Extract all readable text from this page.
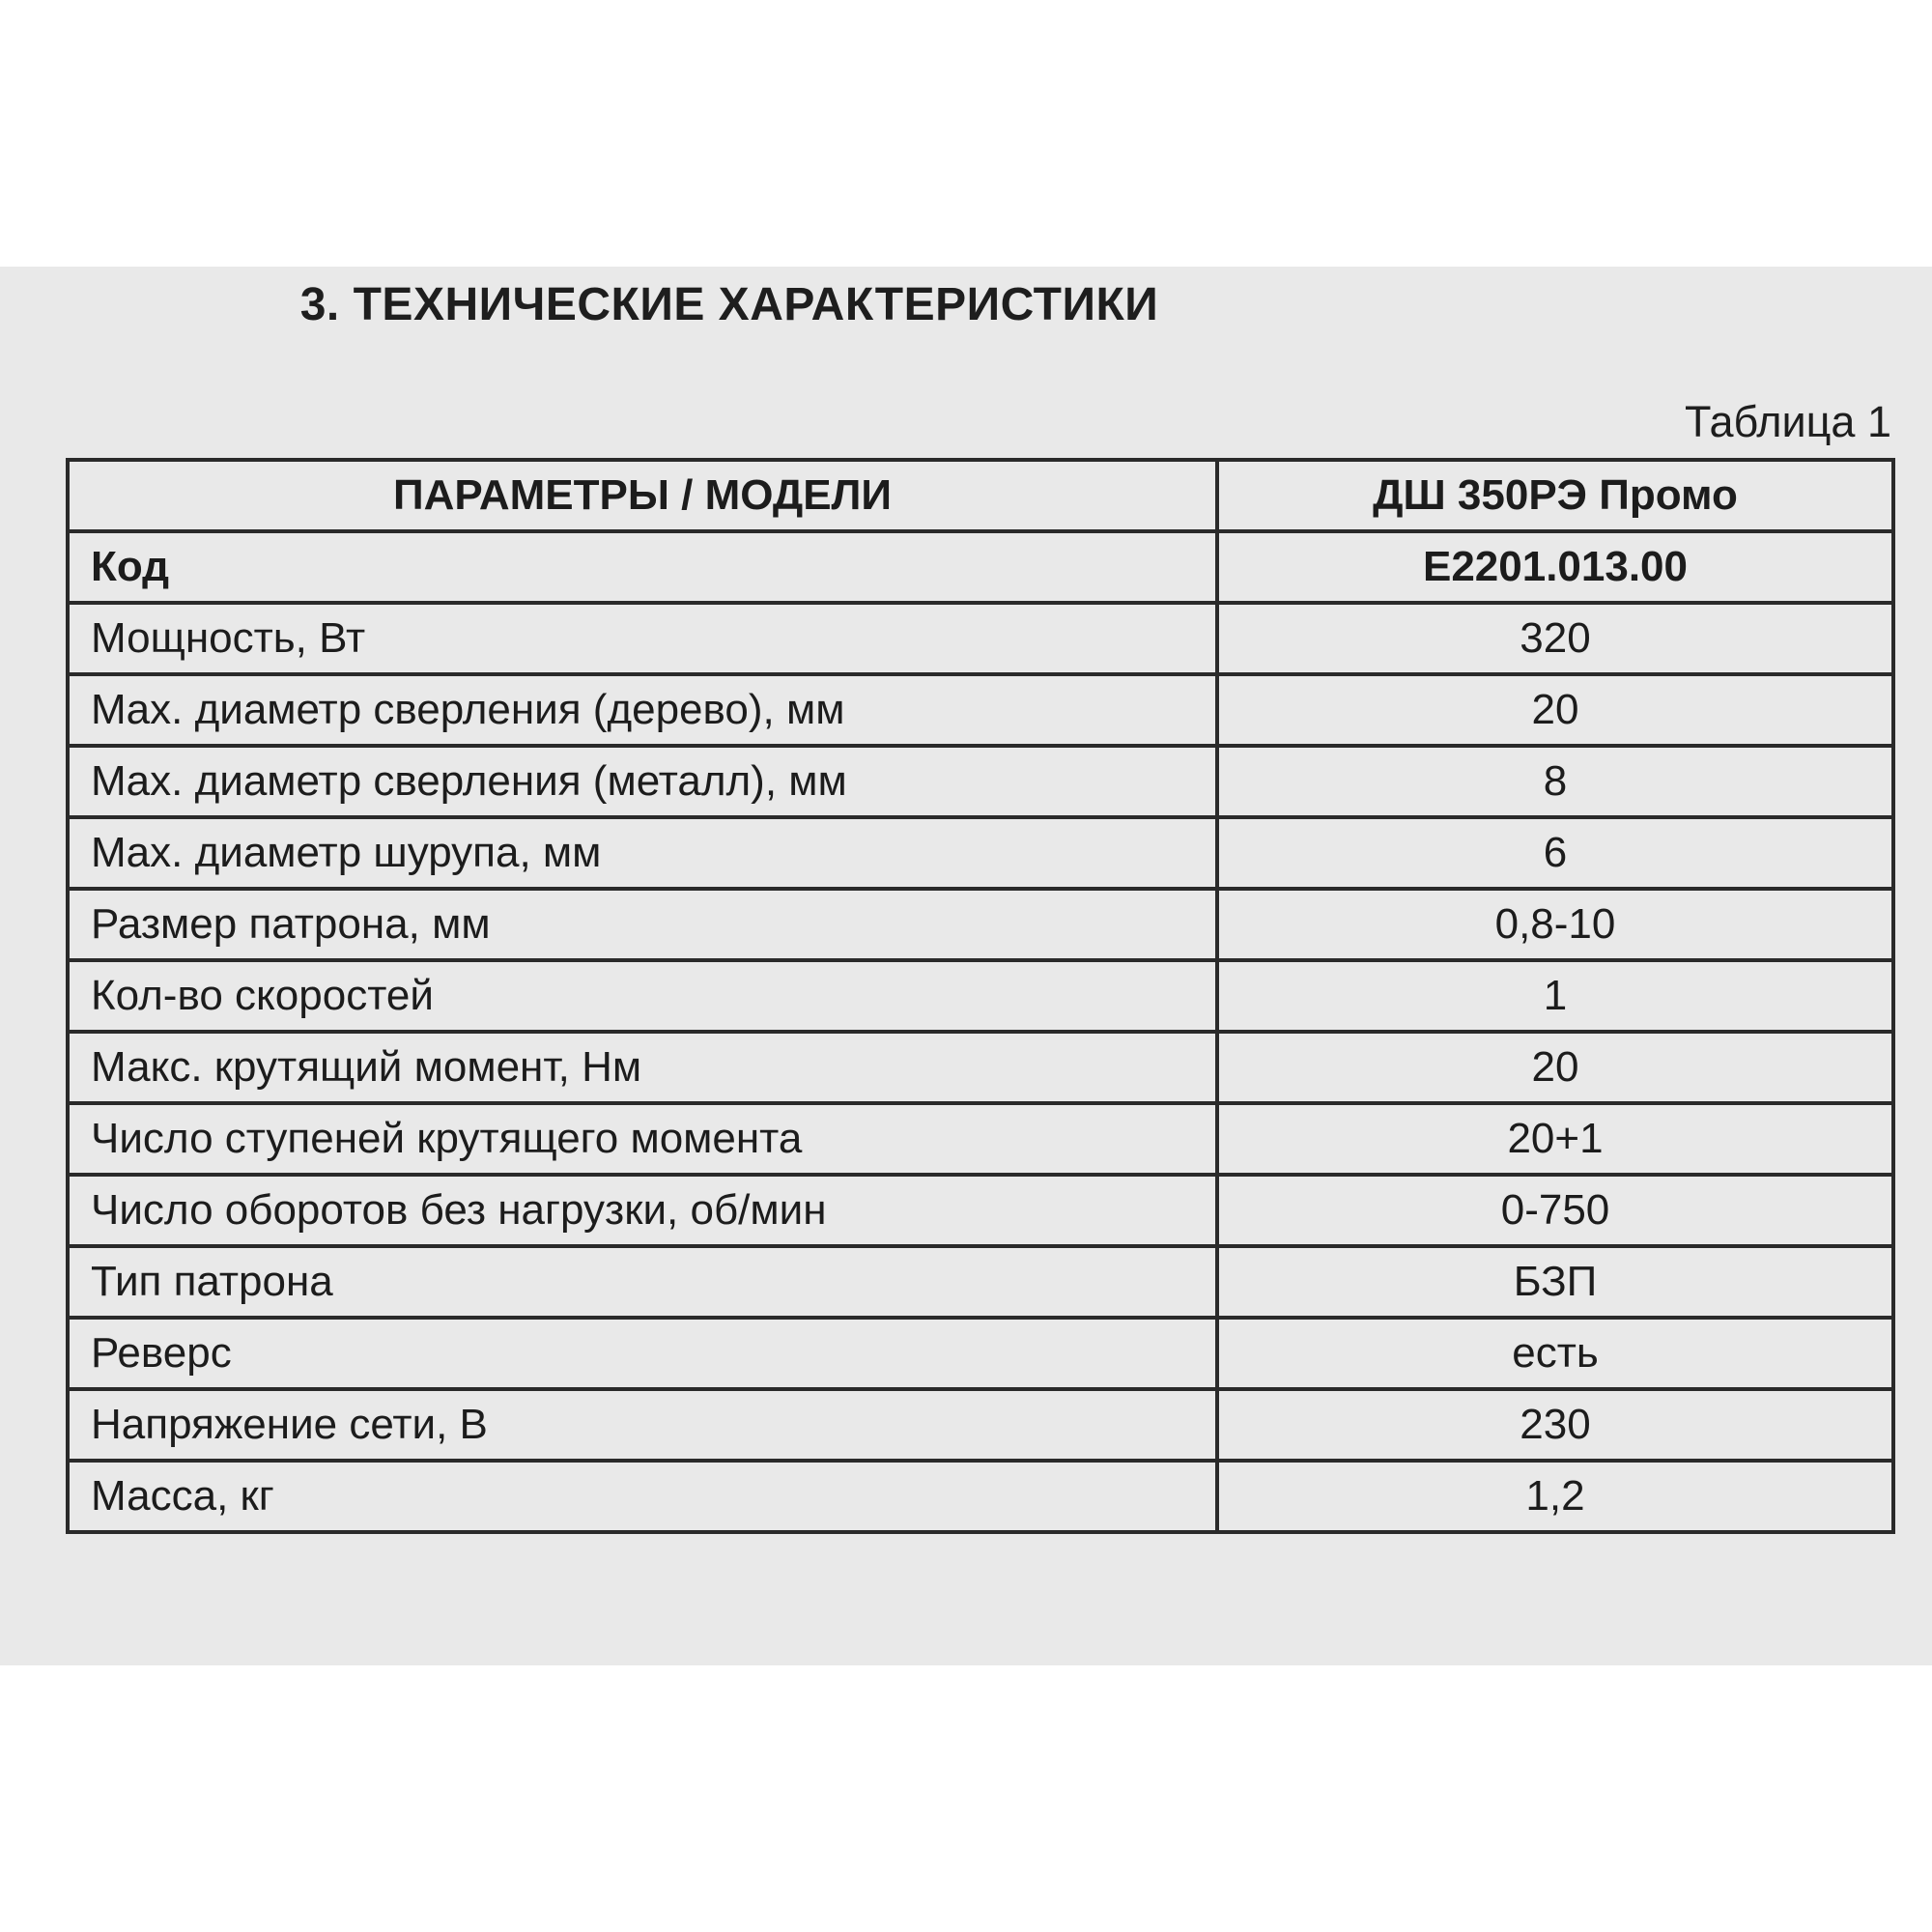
3. ТЕХНИЧЕСКИЕ ХАРАКТЕРИСТИКИ
Таблица 1
ПАРАМЕТРЫ / МОДЕЛИ	ДШ 350РЭ Промо
Код	Е2201.013.00
Мощность, Вт	320
Max. диаметр сверления (дерево), мм	20
Max. диаметр сверления (металл), мм	8
Max. диаметр шурупа, мм	6
Размер патрона, мм	0,8-10
Кол-во скоростей	1
Макс. крутящий момент, Нм	20
Число ступеней крутящего момента	20+1
Число оборотов без нагрузки, об/мин	0-750
Тип патрона	БЗП
Реверс	есть
Напряжение сети, В	230
Масса, кг	1,2
